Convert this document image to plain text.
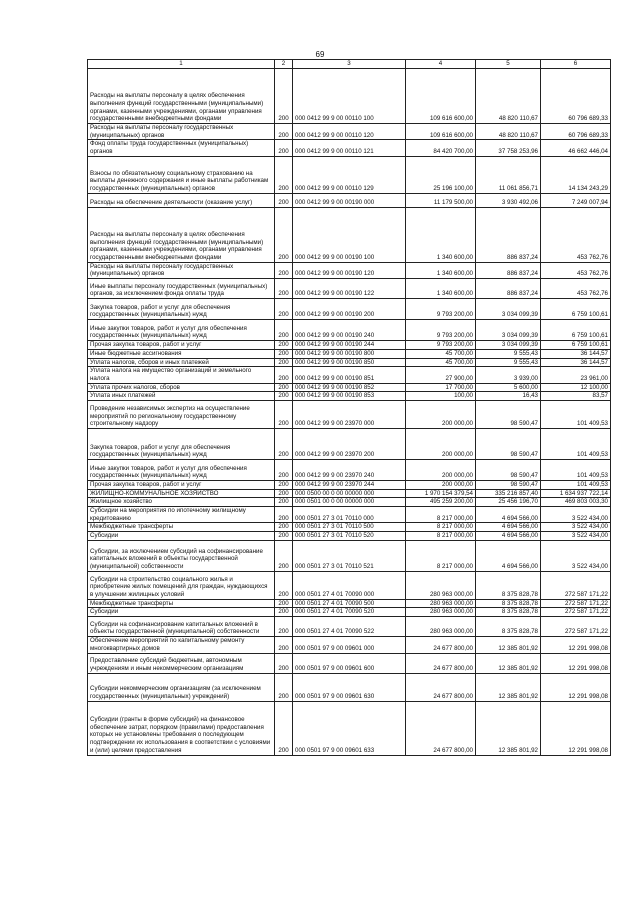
69
1	2	3	4	5	6
Расходы на выплаты персоналу в целях обеспечения выполнения функций государственными (муниципальными) органами, казенными учреждениями, органами управления государственными внебюджетными фондами	200	000 0412 99 9 00 00110 100	109 616 600,00	48 820 110,67	60 796 689,33
Расходы на выплаты персоналу государственных (муниципальных) органов	200	000 0412 99 9 00 00110 120	109 616 600,00	48 820 110,67	60 796 689,33
Фонд оплаты труда государственных (муниципальных) органов	200	000 0412 99 9 00 00110 121	84 420 700,00	37 758 253,96	46 662 446,04
Взносы по обязательному социальному страхованию на выплаты денежного содержания и иные выплаты работникам государственных (муниципальных) органов	200	000 0412 99 9 00 00110 129	25 196 100,00	11 061 856,71	14 134 243,29
Расходы на обеспечение деятельности (оказание услуг)	200	000 0412 99 9 00 00190 000	11 179 500,00	3 930 492,06	7 249 007,94
Расходы на выплаты персоналу в целях обеспечения выполнения функций государственными (муниципальными) органами, казенными учреждениями, органами управления государственными внебюджетными фондами	200	000 0412 99 9 00 00190 100	1 340 600,00	886 837,24	453 762,76
Расходы на выплаты персоналу государственных (муниципальных) органов	200	000 0412 99 9 00 00190 120	1 340 600,00	886 837,24	453 762,76
Иные выплаты персоналу государственных (муниципальных) органов, за исключением фонда оплаты труда	200	000 0412 99 9 00 00190 122	1 340 600,00	886 837,24	453 762,76
Закупка товаров, работ и услуг для обеспечения государственных (муниципальных) нужд	200	000 0412 99 9 00 00190 200	9 793 200,00	3 034 099,39	6 759 100,61
Иные закупки товаров, работ и услуг для обеспечения государственных (муниципальных) нужд	200	000 0412 99 9 00 00190 240	9 793 200,00	3 034 099,39	6 759 100,61
Прочая закупка товаров, работ и услуг	200	000 0412 99 9 00 00190 244	9 793 200,00	3 034 099,39	6 759 100,61
Иные бюджетные ассигнования	200	000 0412 99 9 00 00190 800	45 700,00	9 555,43	36 144,57
Уплата налогов, сборов и иных платежей	200	000 0412 99 9 00 00190 850	45 700,00	9 555,43	36 144,57
Уплата налога на имущество организаций и земельного налога	200	000 0412 99 9 00 00190 851	27 900,00	3 939,00	23 961,00
Уплата прочих налогов, сборов	200	000 0412 99 9 00 00190 852	17 700,00	5 600,00	12 100,00
Уплата иных платежей	200	000 0412 99 9 00 00190 853	100,00	16,43	83,57
Проведение независимых экспертиз на осуществление мероприятий по региональному государственному строительному надзору	200	000 0412 99 9 00 23970 000	200 000,00	98 590,47	101 409,53
Закупка товаров, работ и услуг для обеспечения государственных (муниципальных) нужд	200	000 0412 99 9 00 23970 200	200 000,00	98 590,47	101 409,53
Иные закупки товаров, работ и услуг для обеспечения государственных (муниципальных) нужд	200	000 0412 99 9 00 23970 240	200 000,00	98 590,47	101 409,53
Прочая закупка товаров, работ и услуг	200	000 0412 99 9 00 23970 244	200 000,00	98 590,47	101 409,53
ЖИЛИЩНО-КОММУНАЛЬНОЕ ХОЗЯЙСТВО	200	000 0500 00 0 00 00000 000	1 970 154 379,54	335 216 857,40	1 634 937 722,14
Жилищное хозяйство	200	000 0501 00 0 00 00000 000	495 259 200,00	25 456 196,70	469 803 003,30
Субсидии на мероприятия по ипотечному жилищному кредитованию	200	000 0501 27 3 01 70110 000	8 217 000,00	4 694 566,00	3 522 434,00
Межбюджетные трансферты	200	000 0501 27 3 01 70110 500	8 217 000,00	4 694 566,00	3 522 434,00
Субсидии	200	000 0501 27 3 01 70110 520	8 217 000,00	4 694 566,00	3 522 434,00
Субсидии, за исключением субсидий на софинансирование капитальных вложений в объекты государственной (муниципальной) собственности	200	000 0501 27 3 01 70110 521	8 217 000,00	4 694 566,00	3 522 434,00
Субсидии на строительство социального жилья и приобретение жилых помещений для граждан, нуждающихся в улучшении жилищных условий	200	000 0501 27 4 01 70090 000	280 963 000,00	8 375 828,78	272 587 171,22
Межбюджетные трансферты	200	000 0501 27 4 01 70090 500	280 963 000,00	8 375 828,78	272 587 171,22
Субсидии	200	000 0501 27 4 01 70090 520	280 963 000,00	8 375 828,78	272 587 171,22
Субсидии на софинансирование капитальных вложений в объекты государственной (муниципальной) собственности	200	000 0501 27 4 01 70090 522	280 963 000,00	8 375 828,78	272 587 171,22
Обеспечение мероприятий по капитальному ремонту многоквартирных домов	200	000 0501 97 9 00 09601 000	24 677 800,00	12 385 801,92	12 291 998,08
Предоставление субсидий бюджетным, автономным учреждениям и иным некоммерческим организациям	200	000 0501 97 9 00 09601 600	24 677 800,00	12 385 801,92	12 291 998,08
Субсидии некоммерческим организациям (за исключением государственных (муниципальных) учреждений)	200	000 0501 97 9 00 09601 630	24 677 800,00	12 385 801,92	12 291 998,08
Субсидии (гранты в форме субсидий) на финансовое обеспечение затрат, порядком (правилами) предоставления которых не установлены требования о последующем подтверждении их использования в соответствии с условиями и (или) целями предоставления	200	000 0501 97 9 00 09601 633	24 677 800,00	12 385 801,92	12 291 998,08
